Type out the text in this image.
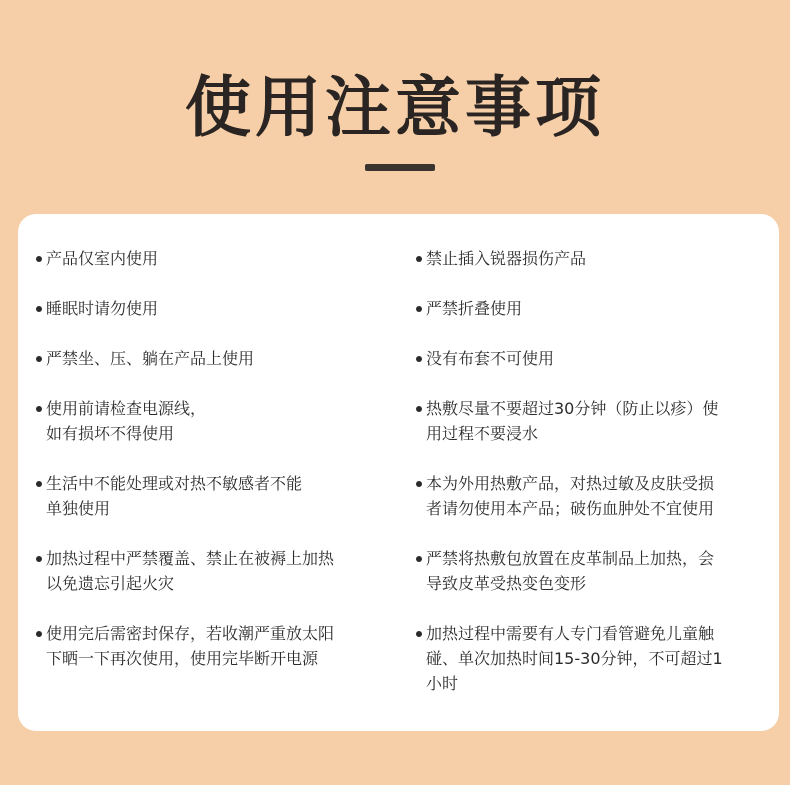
使用注意事项
产品仅室内使用
睡眠时请勿使用
严禁坐、压、躺在产品上使用
使用前请检查电源线，
如有损坏不得使用
生活中不能处理或对热不敏感者不能
单独使用
加热过程中严禁覆盖、禁止在被褥上加热
以免遗忘引起火灾
使用完后需密封保存，若收潮严重放太阳
下晒一下再次使用，使用完毕断开电源
禁止插入锐器损伤产品
严禁折叠使用
没有布套不可使用
热敷尽量不要超过30分钟（防止以疹）使
用过程不要浸水
本为外用热敷产品，对热过敏及皮肤受损
者请勿使用本产品；破伤血肿处不宜使用
严禁将热敷包放置在皮革制品上加热，会
导致皮革受热变色变形
加热过程中需要有人专门看管避免儿童触
碰、单次加热时间15-30分钟，不可超过1
小时
